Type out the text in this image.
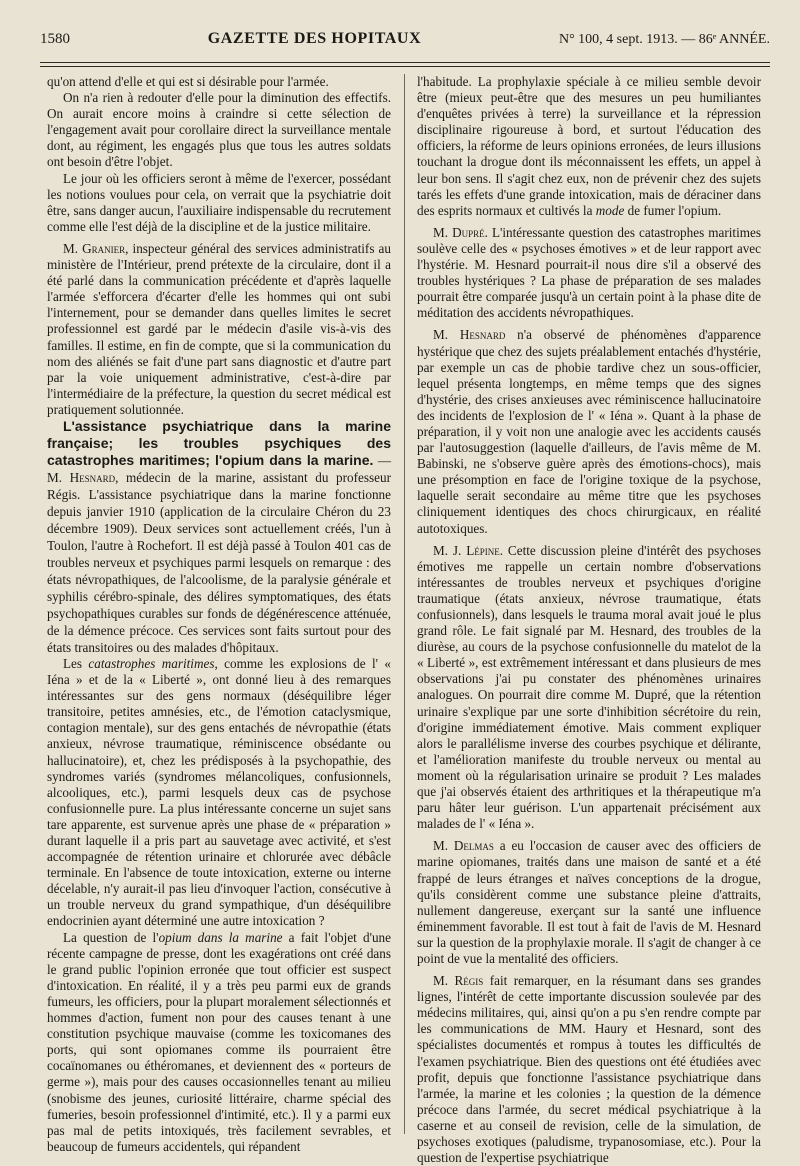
1580	GAZETTE DES HOPITAUX	N° 100, 4 sept. 1913. — 86ᵉ ANNÉE.

qu'on attend d'elle et qui est si désirable pour l'armée.

On n'a rien à redouter d'elle pour la diminution des effectifs. On aurait encore moins à craindre si cette sélection de l'engagement avait pour corollaire direct la surveillance mentale dont, au régiment, les engagés plus que tous les autres soldats ont besoin d'être l'objet.

Le jour où les officiers seront à même de l'exercer, possédant les notions voulues pour cela, on verrait que la psychiatrie doit être, sans danger aucun, l'auxiliaire indispensable du recrutement comme elle l'est déjà de la discipline et de la justice militaire.

M. Granier, inspecteur général des services administratifs au ministère de l'Intérieur, prend prétexte de la circulaire, dont il a été parlé dans la communication précédente et d'après laquelle l'armée s'efforcera d'écarter d'elle les hommes qui ont subi l'internement, pour se demander dans quelles limites le secret professionnel est gardé par le médecin d'asile vis-à-vis des familles. Il estime, en fin de compte, que si la communication du nom des aliénés se fait d'une part sans diagnostic et d'autre part par la voie uniquement administrative, c'est-à-dire par l'intermédiaire de la préfecture, la question du secret médical est pratiquement solutionnée.

L'assistance psychiatrique dans la marine française; les troubles psychiques des catastrophes maritimes; l'opium dans la marine. — M. Hesnard, médecin de la marine, assistant du professeur Régis. L'assistance psychiatrique dans la marine fonctionne depuis janvier 1910 (application de la circulaire Chéron du 23 décembre 1909). Deux services sont actuellement créés, l'un à Toulon, l'autre à Rochefort. Il est déjà passé à Toulon 401 cas de troubles nerveux et psychiques parmi lesquels on remarque : des états névropathiques, de l'alcoolisme, de la paralysie générale et syphilis cérébro-spinale, des délires symptomatiques, des états psychopathiques curables sur fonds de dégénérescence atténuée, de la démence précoce. Ces services sont faits surtout pour des états transitoires ou des malades d'hôpitaux.

Les catastrophes maritimes, comme les explosions de l' « Iéna » et de la « Liberté », ont donné lieu à des remarques intéressantes sur des gens normaux (déséquilibre léger transitoire, petites amnésies, etc., de l'émotion cataclysmique, contagion mentale), sur des gens entachés de névropathie (états anxieux, névrose traumatique, réminiscence obsédante ou hallucinatoire), et, chez les prédisposés à la psychopathie, des syndromes variés (syndromes mélancoliques, confusionnels, alcooliques, etc.), parmi lesquels deux cas de psychose confusionnelle pure. La plus intéressante concerne un sujet sans tare apparente, est survenue après une phase de « préparation » durant laquelle il a pris part au sauvetage avec activité, et s'est accompagnée de rétention urinaire et chlorurée avec débâcle terminale. En l'absence de toute intoxication, externe ou interne décelable, n'y aurait-il pas lieu d'invoquer l'action, consécutive à un trouble nerveux du grand sympathique, d'un déséquilibre endocrinien ayant déterminé une autre intoxication ?

La question de l'opium dans la marine a fait l'objet d'une récente campagne de presse, dont les exagérations ont créé dans le grand public l'opinion erronée que tout officier est suspect d'intoxication. En réalité, il y a très peu parmi eux de grands fumeurs, les officiers, pour la plupart moralement sélectionnés et hommes d'action, fument non pour des causes tenant à une constitution psychique mauvaise (comme les toxicomanes des ports, qui sont opiomanes comme ils pourraient être cocaïnomanes ou éthéromanes, et deviennent des « porteurs de germe »), mais pour des causes occasionnelles tenant au milieu (snobisme des jeunes, curiosité littéraire, charme spécial des fumeries, besoin professionnel d'intimité, etc.). Il y a parmi eux pas mal de petits intoxiqués, très facilement sevrables, et beaucoup de fumeurs accidentels, qui répandent

l'habitude. La prophylaxie spéciale à ce milieu semble devoir être (mieux peut-être que des mesures un peu humiliantes d'enquêtes privées à terre) la surveillance et la répression disciplinaire rigoureuse à bord, et surtout l'éducation des officiers, la réforme de leurs opinions erronées, de leurs illusions touchant la drogue dont ils méconnaissent les effets, un appel à leur bon sens. Il s'agit chez eux, non de prévenir chez des sujets tarés les effets d'une grande intoxication, mais de déraciner dans des esprits normaux et cultivés la mode de fumer l'opium.

M. Dupré. L'intéressante question des catastrophes maritimes soulève celle des « psychoses émotives » et de leur rapport avec l'hystérie. M. Hesnard pourrait-il nous dire s'il a observé des troubles hystériques ? La phase de préparation de ses malades pourrait être comparée jusqu'à un certain point à la phase dite de méditation des accidents névropathiques.

M. Hesnard n'a observé de phénomènes d'apparence hystérique que chez des sujets préalablement entachés d'hystérie, par exemple un cas de phobie tardive chez un sous-officier, lequel présenta longtemps, en même temps que des signes d'hystérie, des crises anxieuses avec réminiscence hallucinatoire des incidents de l'explosion de l' « Iéna ». Quant à la phase de préparation, il y voit non une analogie avec les accidents causés par l'autosuggestion (laquelle d'ailleurs, de l'avis même de M. Babinski, ne s'observe guère après des émotions-chocs), mais une présomption en face de l'origine toxique de la psychose, laquelle serait secondaire au même titre que les psychoses cliniquement identiques des chocs chirurgicaux, en réalité autotoxiques.

M. J. Lépine. Cette discussion pleine d'intérêt des psychoses émotives me rappelle un certain nombre d'observations intéressantes de troubles nerveux et psychiques d'origine traumatique (états anxieux, névrose traumatique, états confusionnels), dans lesquels le trauma moral avait joué le plus grand rôle. Le fait signalé par M. Hesnard, des troubles de la diurèse, au cours de la psychose confusionnelle du matelot de la « Liberté », est extrêmement intéressant et dans plusieurs de mes observations j'ai pu constater des phénomènes urinaires analogues. On pourrait dire comme M. Dupré, que la rétention urinaire s'explique par une sorte d'inhibition sécrétoire du rein, d'origine immédiatement émotive. Mais comment expliquer alors le parallélisme inverse des courbes psychique et délirante, et l'amélioration manifeste du trouble nerveux ou mental au moment où la régularisation urinaire se produit ? Les malades que j'ai observés étaient des arthritiques et la thérapeutique m'a paru hâter leur guérison. L'un appartenait précisément aux malades de l' « Iéna ».

M. Delmas a eu l'occasion de causer avec des officiers de marine opiomanes, traités dans une maison de santé et a été frappé de leurs étranges et naïves conceptions de la drogue, qu'ils considèrent comme une substance pleine d'attraits, nullement dangereuse, exerçant sur la santé une influence éminemment favorable. Il est tout à fait de l'avis de M. Hesnard sur la question de la prophylaxie morale. Il s'agit de changer à ce point de vue la mentalité des officiers.

M. Régis fait remarquer, en la résumant dans ses grandes lignes, l'intérêt de cette importante discussion soulevée par des médecins militaires, qui, ainsi qu'on a pu s'en rendre compte par les communications de MM. Haury et Hesnard, sont des spécialistes documentés et rompus à toutes les difficultés de l'examen psychiatrique. Bien des questions ont été étudiées avec profit, depuis que fonctionne l'assistance psychiatrique dans l'armée, la marine et les colonies ; la question de la démence précoce dans l'armée, du secret médical psychiatrique à la caserne et au conseil de revision, celle de la simulation, de psychoses exotiques (paludisme, trypanosomiase, etc.). Pour la question de l'expertise psychiatrique
